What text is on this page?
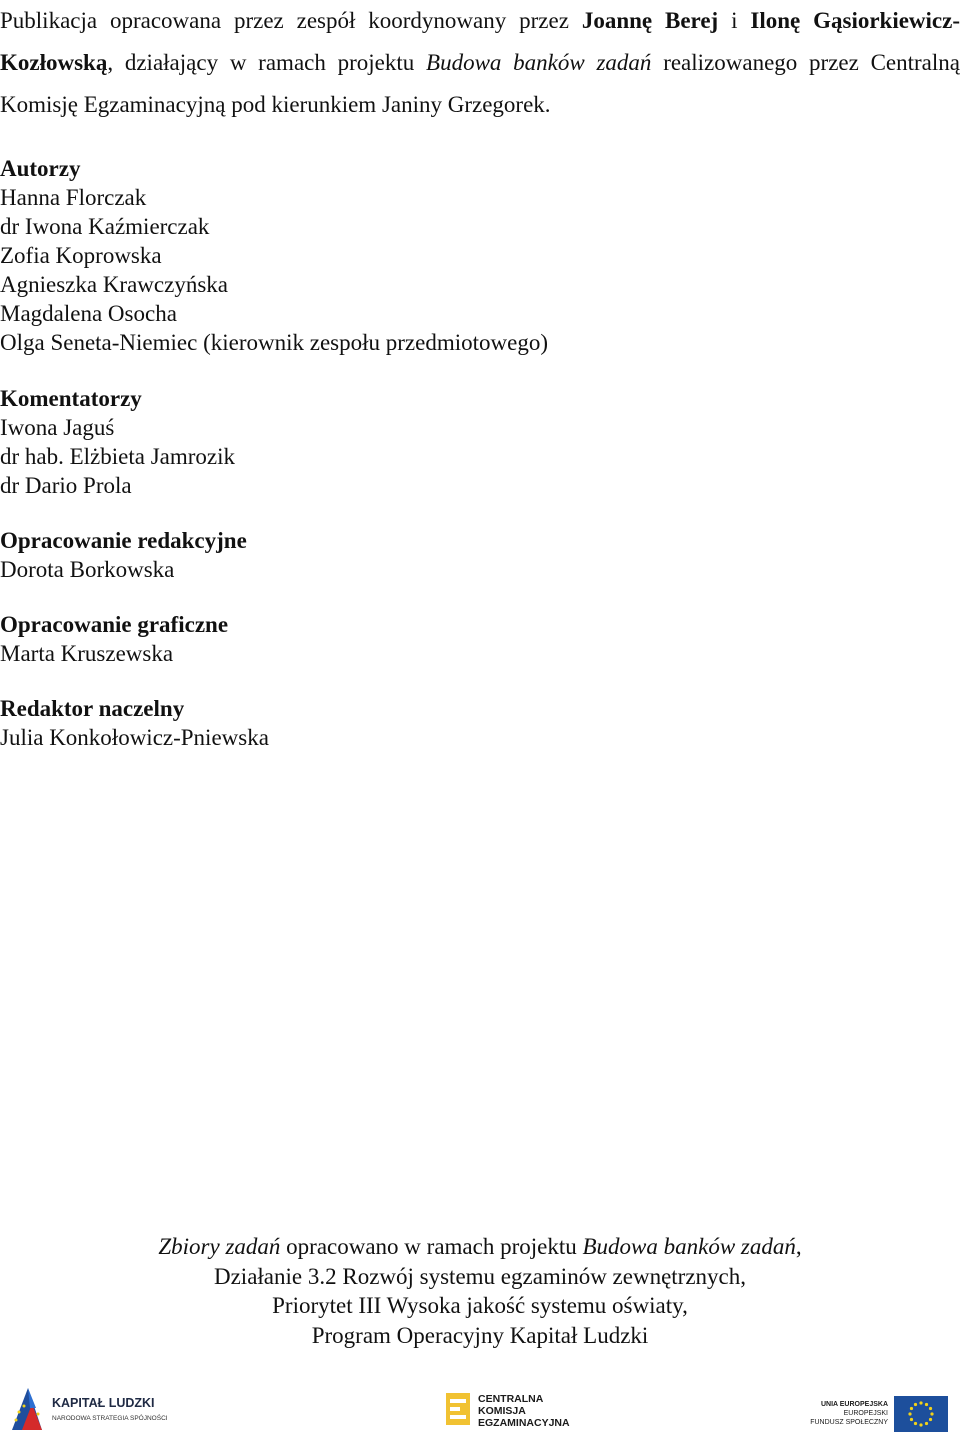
Publikacja opracowana przez zespół koordynowany przez Joannę Berej i Ilonę Gąsiorkiewicz-Kozłowską, działający w ramach projektu Budowa banków zadań realizowanego przez Centralną Komisję Egzaminacyjną pod kierunkiem Janiny Grzegorek.
Autorzy
Hanna Florczak
dr Iwona Kaźmierczak
Zofia Koprowska
Agnieszka Krawczyńska
Magdalena Osocha
Olga Seneta-Niemiec (kierownik zespołu przedmiotowego)
Komentatorzy
Iwona Jaguś
dr hab. Elżbieta Jamrozik
dr Dario Prola
Opracowanie redakcyjne
Dorota Borkowska
Opracowanie graficzne
Marta Kruszewska
Redaktor naczelny
Julia Konkołowicz-Pniewska
Zbiory zadań opracowano w ramach projektu Budowa banków zadań,
Działanie 3.2 Rozwój systemu egzaminów zewnętrznych,
Priorytet III Wysoka jakość systemu oświaty,
Program Operacyjny Kapitał Ludzki
KAPITAŁ LUDZKI
NARODOWA STRATEGIA SPÓJNOŚCI
CENTRALNA
KOMISJA
EGZAMINACYJNA
UNIA EUROPEJSKA
EUROPEJSKI
FUNDUSZ SPOŁECZNY
